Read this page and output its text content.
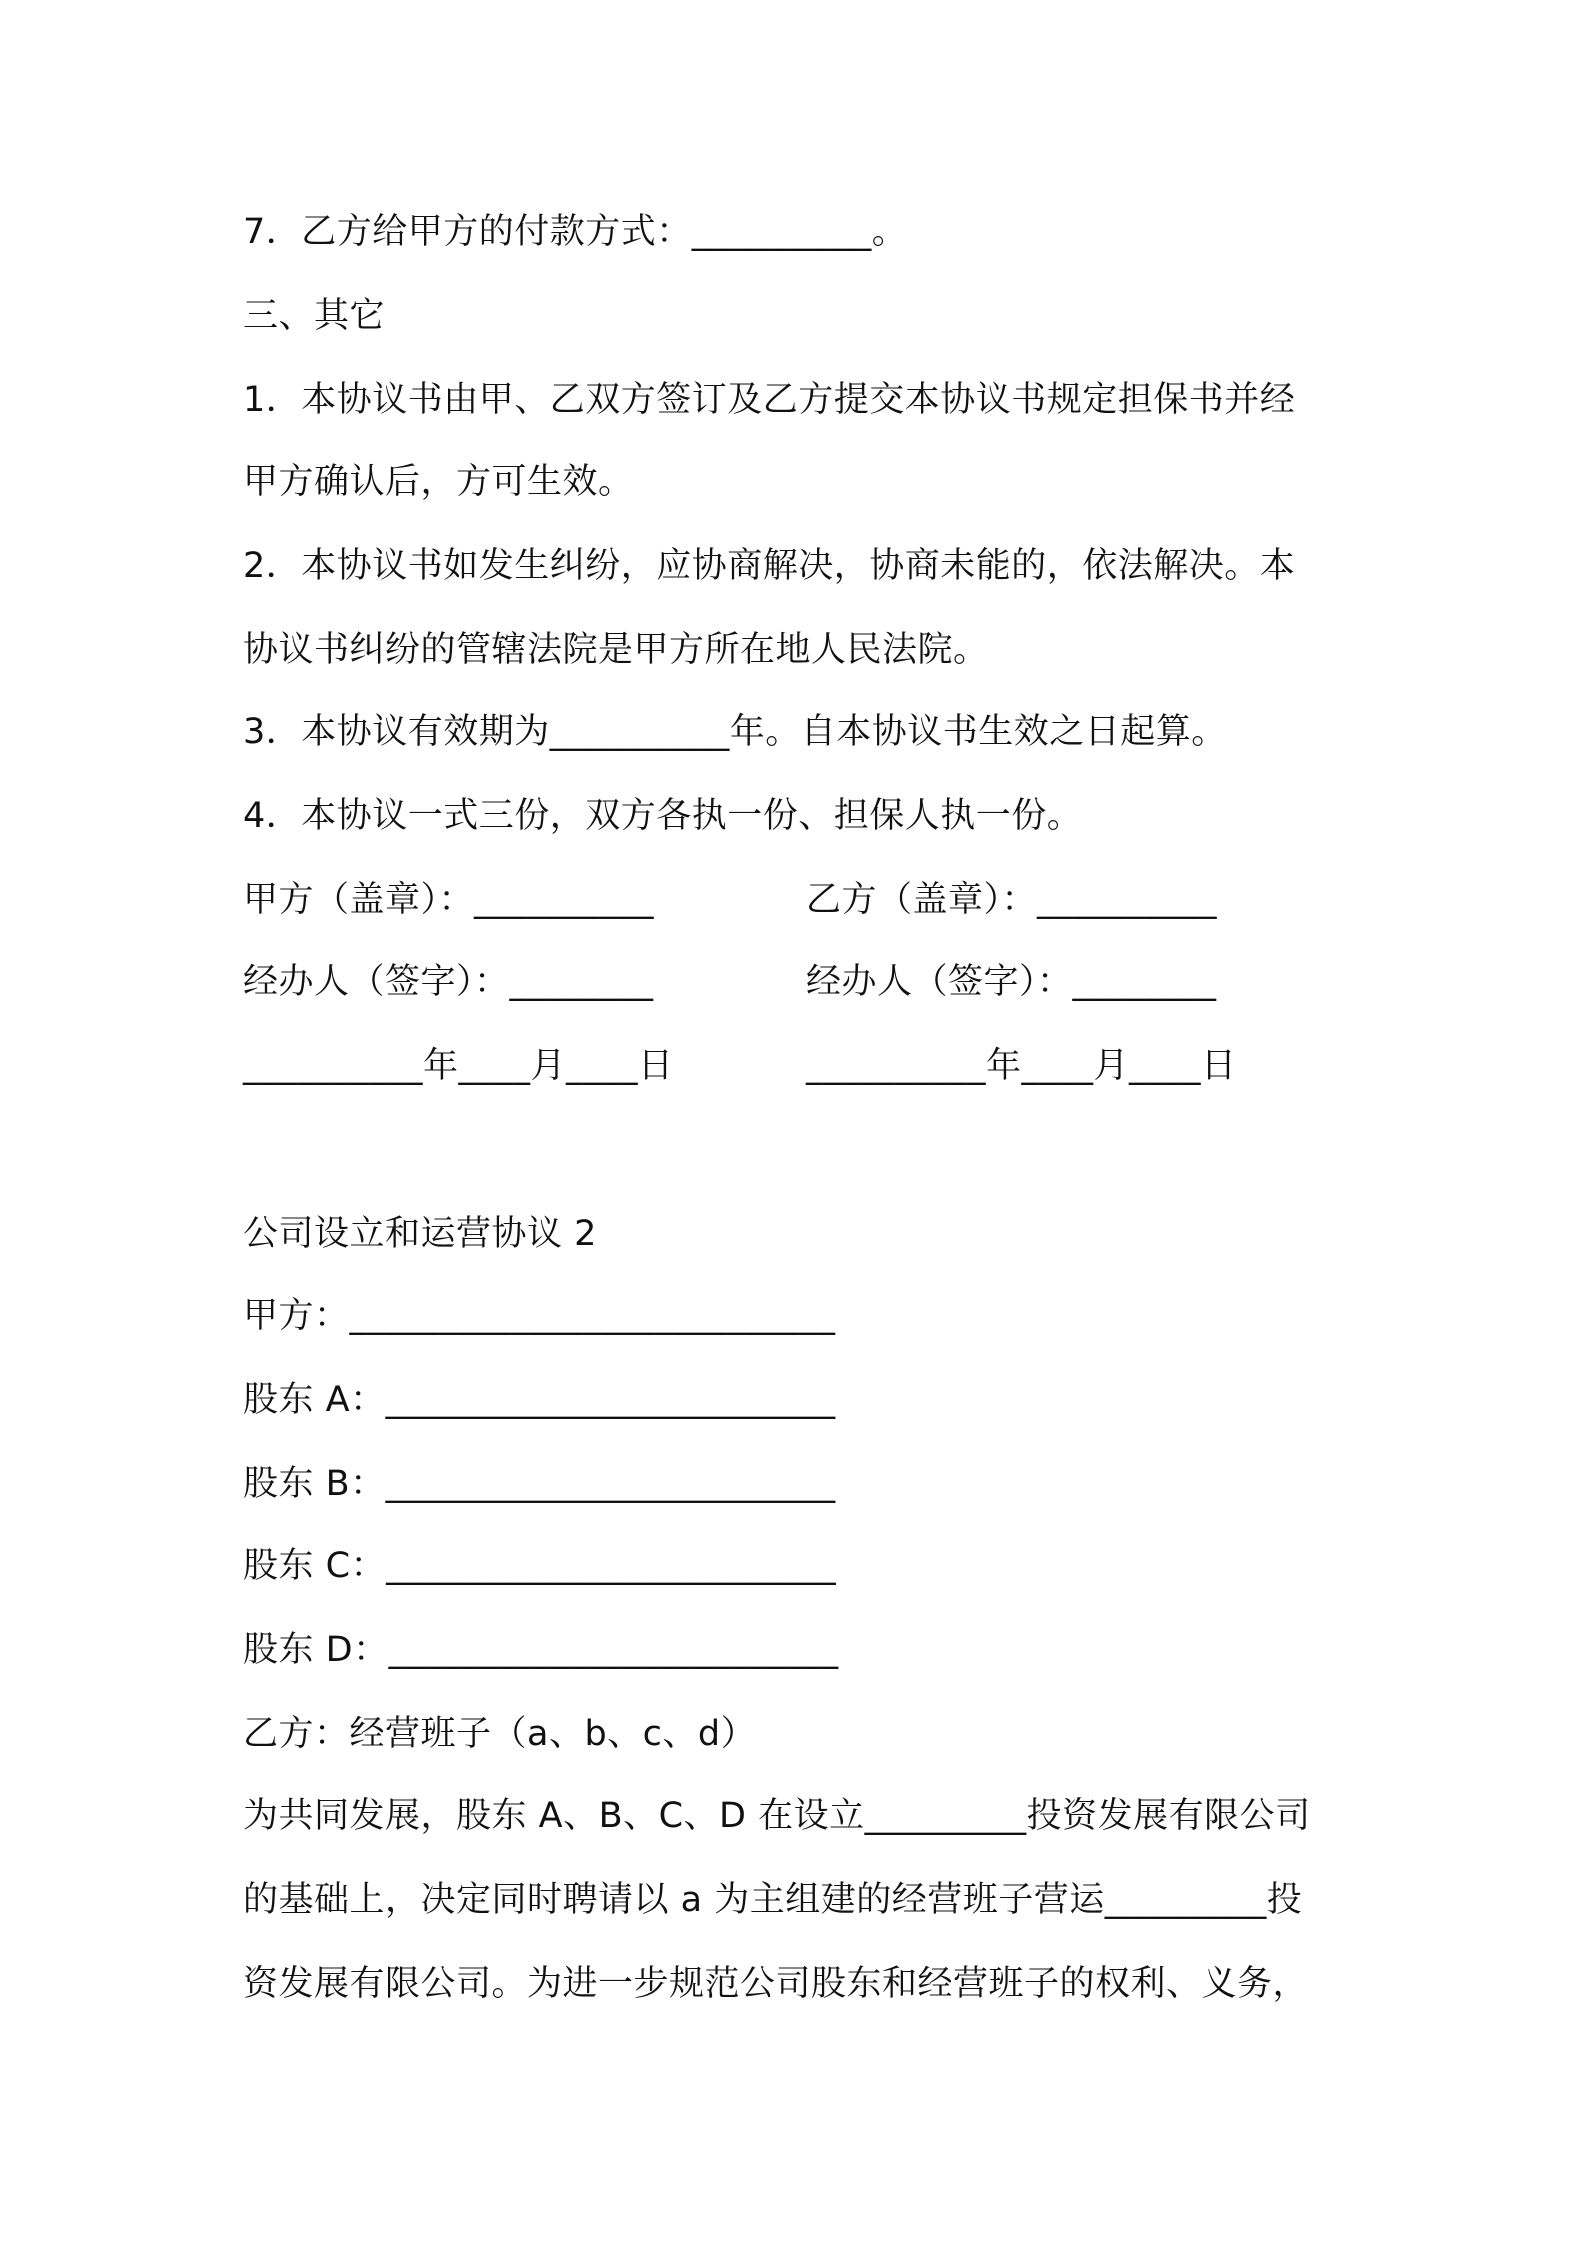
7．乙方给甲方的付款方式：__________。
三、其它
1．本协议书由甲、乙双方签订及乙方提交本协议书规定担保书并经
甲方确认后，方可生效。
2．本协议书如发生纠纷，应协商解决，协商未能的，依法解决。本
协议书纠纷的管辖法院是甲方所在地人民法院。
3．本协议有效期为__________年。自本协议书生效之日起算。
4．本协议一式三份，双方各执一份、担保人执一份。
甲方（盖章）：__________	乙方（盖章）：__________
经办人（签字）：________	经办人（签字）：________
__________年____月____日	__________年____月____日
公司设立和运营协议 2
甲方：___________________________
股东 A：_________________________
股东 B：_________________________
股东 C：_________________________
股东 D：_________________________
乙方：经营班子（a、b、c、d）
为共同发展，股东 A、B、C、D 在设立_________投资发展有限公司
的基础上，决定同时聘请以 a 为主组建的经营班子营运_________投
资发展有限公司。为进一步规范公司股东和经营班子的权利、义务，
